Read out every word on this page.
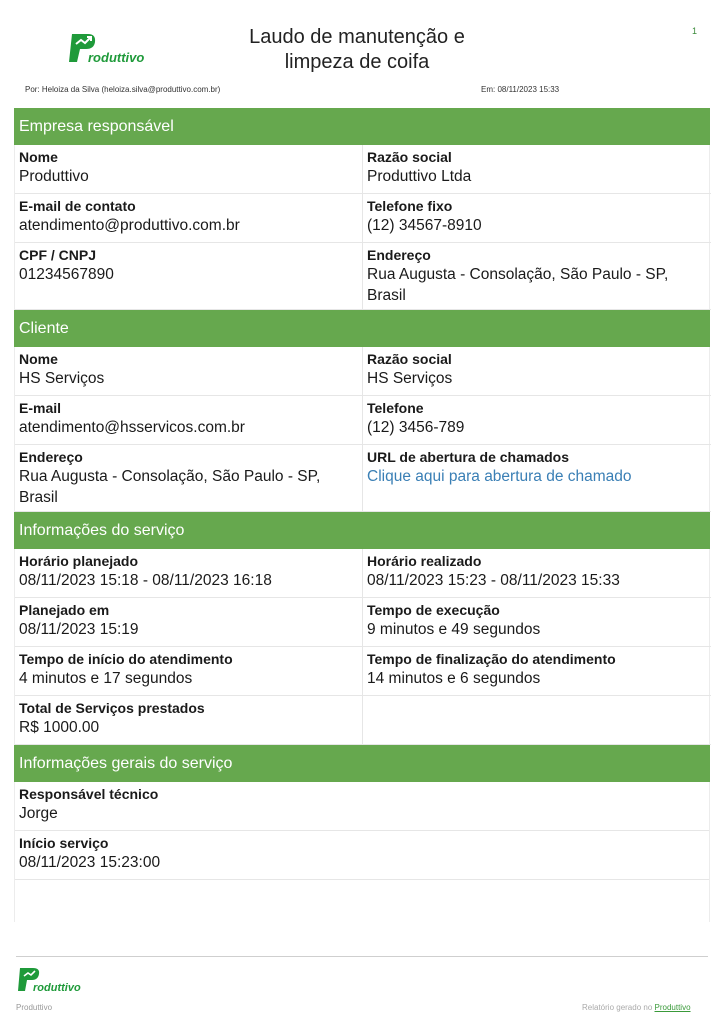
roduttivo
Laudo de manutenção e
limpeza de coifa
1
Por: Heloiza da Silva (heloiza.silva@produttivo.com.br)	Em: 08/11/2023 15:33
Empresa responsável
Nome
Produttivo
Razão social
Produttivo Ltda
E-mail de contato
atendimento@produttivo.com.br
Telefone fixo
(12) 34567-8910
CPF / CNPJ
01234567890
Endereço
Rua Augusta - Consolação, São Paulo - SP, Brasil
Cliente
Nome
HS Serviços
Razão social
HS Serviços
E-mail
atendimento@hsservicos.com.br
Telefone
(12) 3456-789
Endereço
Rua Augusta - Consolação, São Paulo - SP, Brasil
URL de abertura de chamados
Clique aqui para abertura de chamado
Informações do serviço
Horário planejado
08/11/2023 15:18 - 08/11/2023 16:18
Horário realizado
08/11/2023 15:23 - 08/11/2023 15:33
Planejado em
08/11/2023 15:19
Tempo de execução
9 minutos e 49 segundos
Tempo de início do atendimento
4 minutos e 17 segundos
Tempo de finalização do atendimento
14 minutos e 6 segundos
Total de Serviços prestados
R$ 1000.00
Informações gerais do serviço
Responsável técnico
Jorge
Início serviço
08/11/2023 15:23:00
roduttivo
Produttivo	Relatório gerado no Produttivo
